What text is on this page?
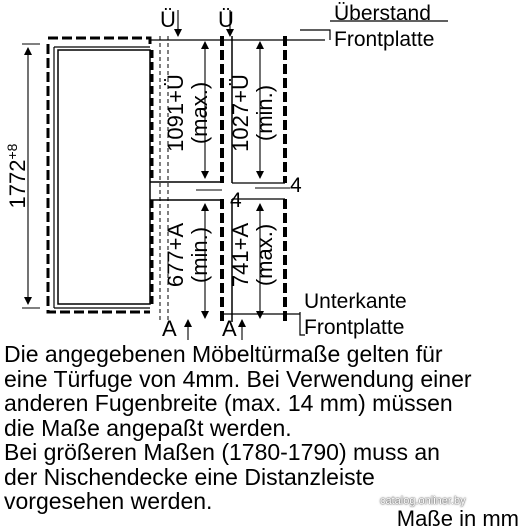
Ü Ü
A A
Überstand
Frontplatte
Unterkante
Frontplatte
4
4
$1772^{+8}$	1091+Ü (max.) 1027+Ü (min.)
677+A (min.) 741+A (max.)

Die angegebenen Möbeltürmaße gelten für

eine Türfuge von 4mm. Bei Verwendung einer

anderen Fugenbreite (max. 14 mm) müssen

die Maße angepaßt werden.

Bei größeren Maßen (1780-1790) muss an

der Nischendecke eine Distanzleiste

vorgesehen werden.	catalog.onliner.by
Maße in mm
